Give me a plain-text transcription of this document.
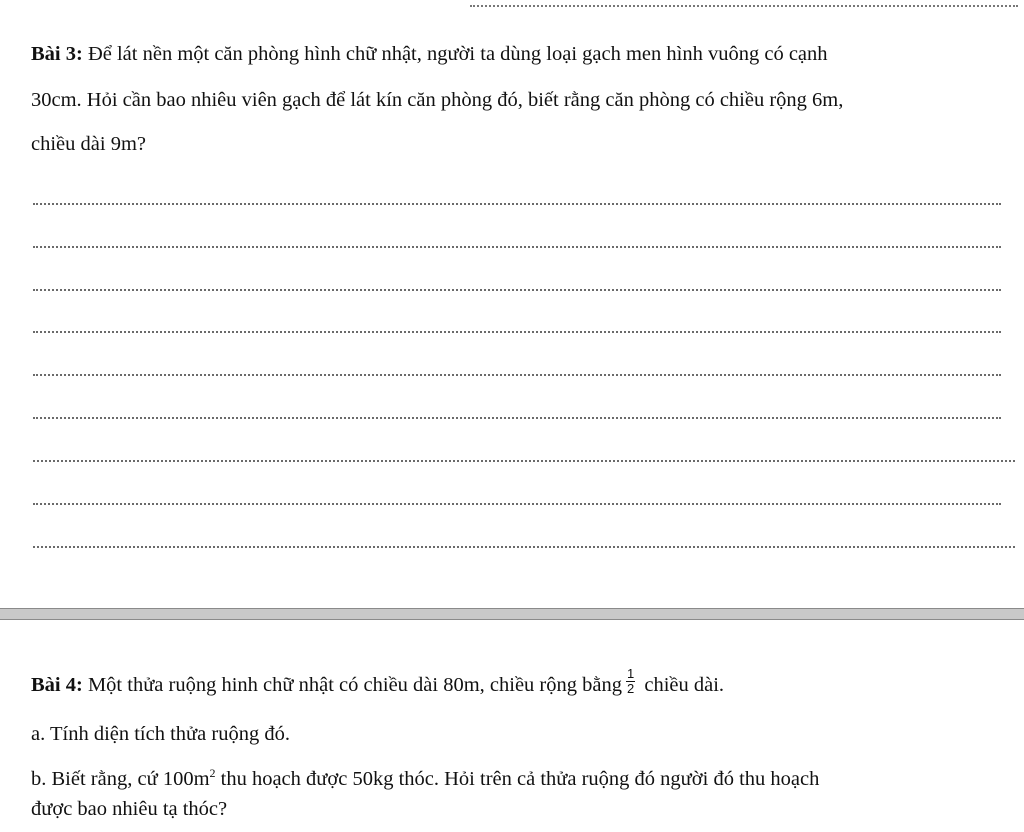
Bài 3: Để lát nền một căn phòng hình chữ nhật, người ta dùng loại gạch men hình vuông có cạnh
30cm. Hỏi cần bao nhiêu viên gạch để lát kín căn phòng đó, biết rằng căn phòng có chiều rộng 6m,
chiều dài 9m?
Bài 4: Một thửa ruộng hinh chữ nhật có chiều dài 80m, chiều rộng bằng $\frac{1}{2}$ chiều dài.
a. Tính diện tích thửa ruộng đó.
b. Biết rằng, cứ $100m^2$ thu hoạch được 50kg thóc. Hỏi trên cả thửa ruộng đó người đó thu hoạch
được bao nhiêu tạ thóc?
